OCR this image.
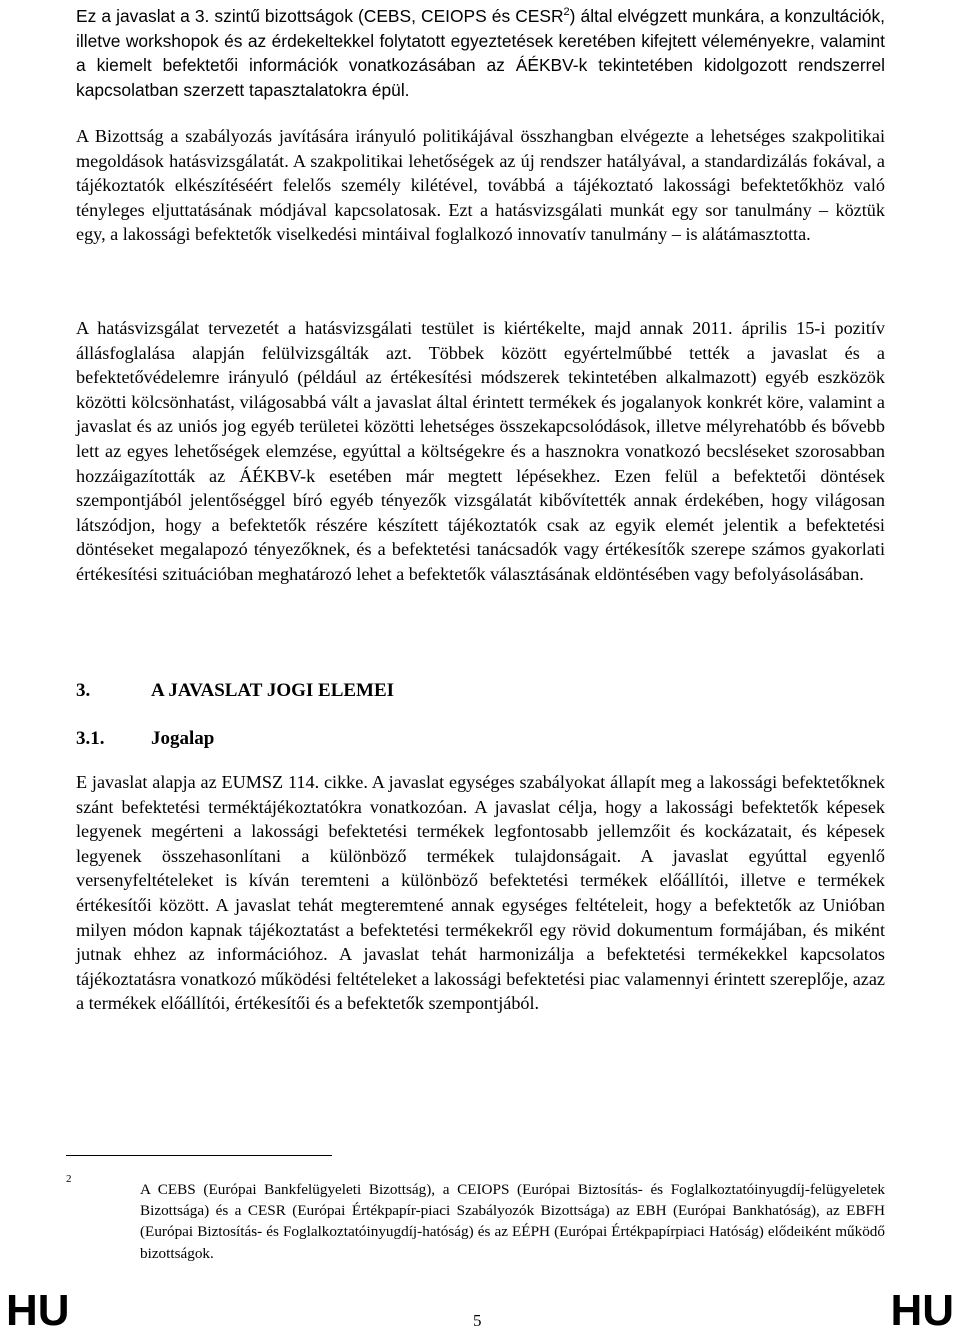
Ez a javaslat a 3. szintű bizottságok (CEBS, CEIOPS és CESR$^2$) által elvégzett munkára, a konzultációk, illetve workshopok és az érdekeltekkel folytatott egyeztetések keretében kifejtett véleményekre, valamint a kiemelt befektetői információk vonatkozásában az ÁÉKBV-k tekintetében kidolgozott rendszerrel kapcsolatban szerzett tapasztalatokra épül.

A Bizottság a szabályozás javítására irányuló politikájával összhangban elvégezte a lehetséges szakpolitikai megoldások hatásvizsgálatát. A szakpolitikai lehetőségek az új rendszer hatályával, a standardizálás fokával, a tájékoztatók elkészítéséért felelős személy kilétével, továbbá a tájékoztató lakossági befektetőkhöz való tényleges eljuttatásának módjával kapcsolatosak. Ezt a hatásvizsgálati munkát egy sor tanulmány – köztük egy, a lakossági befektetők viselkedési mintáival foglalkozó innovatív tanulmány – is alátámasztotta.

A hatásvizsgálat tervezetét a hatásvizsgálati testület is kiértékelte, majd annak 2011. április 15-i pozitív állásfoglalása alapján felülvizsgálták azt. Többek között egyértelműbbé tették a javaslat és a befektetővédelemre irányuló (például az értékesítési módszerek tekintetében alkalmazott) egyéb eszközök közötti kölcsönhatást, világosabbá vált a javaslat által érintett termékek és jogalanyok konkrét köre, valamint a javaslat és az uniós jog egyéb területei közötti lehetséges összekapcsolódások, illetve mélyrehatóbb és bővebb lett az egyes lehetőségek elemzése, egyúttal a költségekre és a hasznokra vonatkozó becsléseket szorosabban hozzáigazították az ÁÉKBV-k esetében már megtett lépésekhez. Ezen felül a befektetői döntések szempontjából jelentőséggel bíró egyéb tényezők vizsgálatát kibővítették annak érdekében, hogy világosan látszódjon, hogy a befektetők részére készített tájékoztatók csak az egyik elemét jelentik a befektetési döntéseket megalapozó tényezőknek, és a befektetési tanácsadók vagy értékesítők szerepe számos gyakorlati értékesítési szituációban meghatározó lehet a befektetők választásának eldöntésében vagy befolyásolásában.

3.	A JAVASLAT JOGI ELEMEI
3.1. Jogalap

E javaslat alapja az EUMSZ 114. cikke. A javaslat egységes szabályokat állapít meg a lakossági befektetőknek szánt befektetési terméktájékoztatókra vonatkozóan. A javaslat célja, hogy a lakossági befektetők képesek legyenek megérteni a lakossági befektetési termékek legfontosabb jellemzőit és kockázatait, és képesek legyenek összehasonlítani a különböző termékek tulajdonságait. A javaslat egyúttal egyenlő versenyfeltételeket is kíván teremteni a különböző befektetési termékek előállítói, illetve e termékek értékesítői között. A javaslat tehát megteremtené annak egységes feltételeit, hogy a befektetők az Unióban milyen módon kapnak tájékoztatást a befektetési termékekről egy rövid dokumentum formájában, és miként jutnak ehhez az információhoz. A javaslat tehát harmonizálja a befektetési termékekkel kapcsolatos tájékoztatásra vonatkozó működési feltételeket a lakossági befektetési piac valamennyi érintett szereplője, azaz a termékek előállítói, értékesítői és a befektetők szempontjából.

2

A CEBS (Európai Bankfelügyeleti Bizottság), a CEIOPS (Európai Biztosítás- és Foglalkoztatóinyugdíj-felügyeletek Bizottsága) és a CESR (Európai Értékpapír-piaci Szabályozók Bizottsága) az EBH (Európai Bankhatóság), az EBFH (Európai Biztosítás- és Foglalkoztatóinyugdíj-hatóság) és az EÉPH (Európai Értékpapírpiaci Hatóság) elődeiként működő bizottságok.

HU	5	HU
